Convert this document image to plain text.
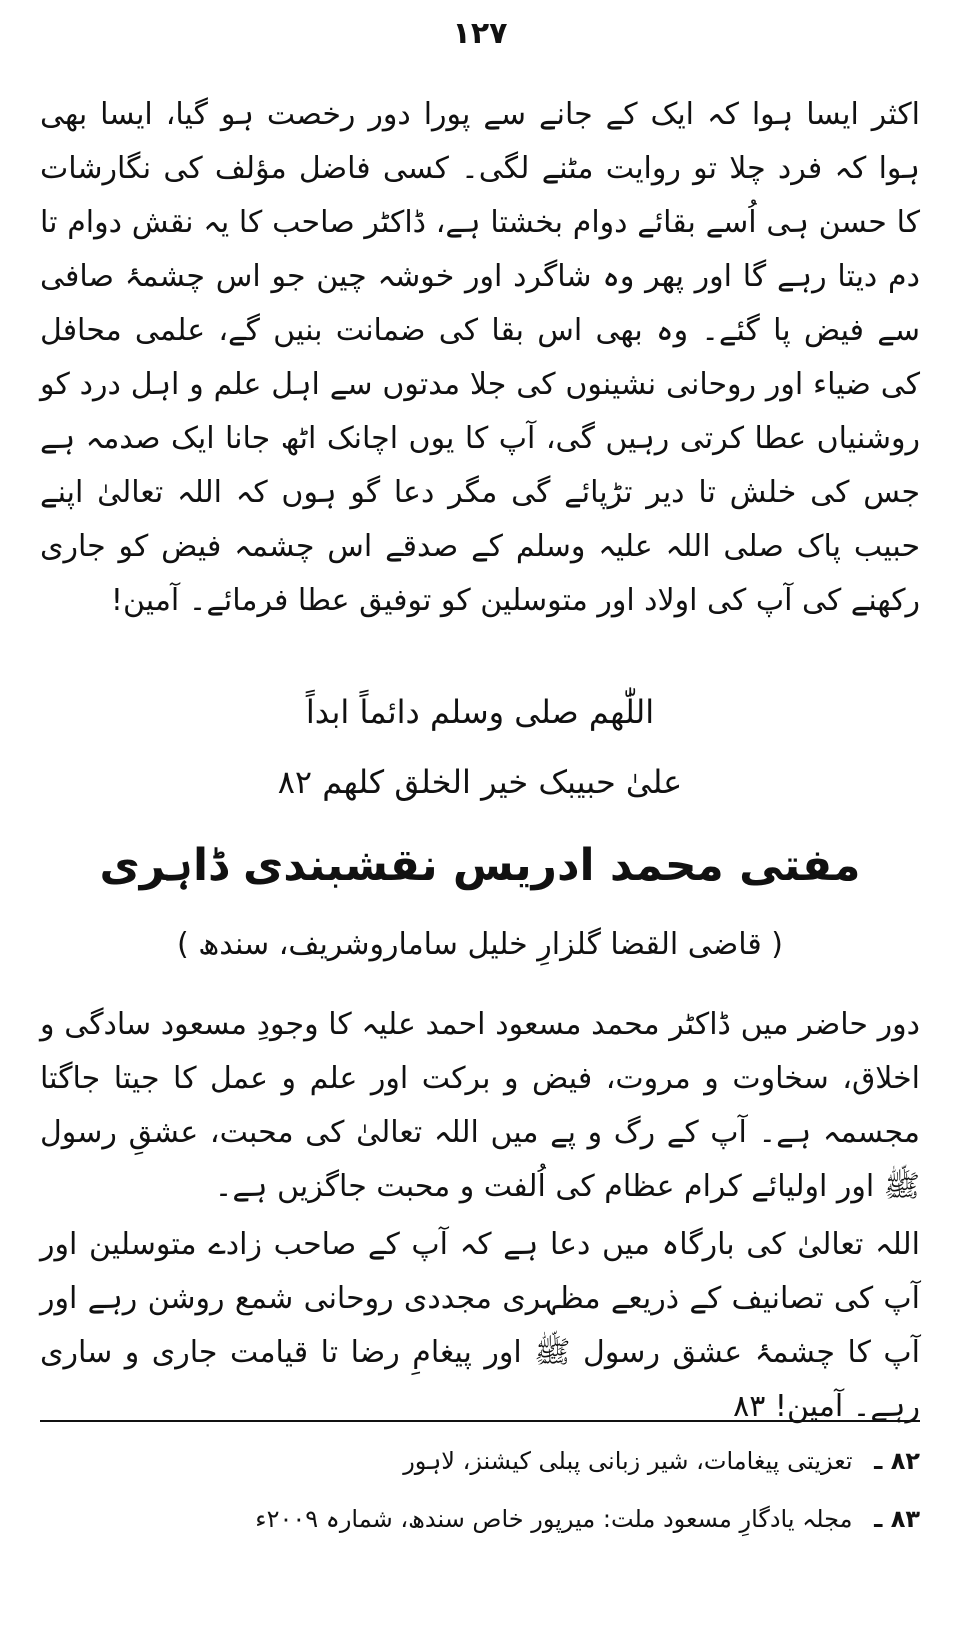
۱۲۷

اکثر ایسا ہوا کہ ایک کے جانے سے پورا دور رخصت ہو گیا، ایسا بھی ہوا کہ فرد چلا تو روایت مٹنے لگی۔ کسی فاضل مؤلف کی نگارشات کا حسن ہی اُسے بقائے دوام بخشتا ہے، ڈاکٹر صاحب کا یہ نقش دوام تا دم دیتا رہے گا اور پھر وہ شاگرد اور خوشہ چین جو اس چشمۂ صافی سے فیض پا گئے۔ وہ بھی اس بقا کی ضمانت بنیں گے، علمی محافل کی ضیاء اور روحانی نشینوں کی جلا مدتوں سے اہل علم و اہل درد کو روشنیاں عطا کرتی رہیں گی، آپ کا یوں اچانک اٹھ جانا ایک صدمہ ہے جس کی خلش تا دیر تڑپائے گی مگر دعا گو ہوں کہ اللہ تعالیٰ اپنے حبیب پاک صلی اللہ علیہ وسلم کے صدقے اس چشمہ فیض کو جاری رکھنے کی آپ کی اولاد اور متوسلین کو توفیق عطا فرمائے۔ آمین!

اللّٰھم صلی وسلم دائماً ابداً
علیٰ حبیبک خیر الخلق کلھم ۸۲
مفتی محمد ادریس نقشبندی ڈاہری
( قاضی القضا گلزارِ خلیل ساماروشریف، سندھ )

دور حاضر میں ڈاکٹر محمد مسعود احمد علیہ کا وجودِ مسعود سادگی و اخلاق، سخاوت و مروت، فیض و برکت اور علم و عمل کا جیتا جاگتا مجسمہ ہے۔ آپ کے رگ و پے میں اللہ تعالیٰ کی محبت، عشقِ رسول ﷺ اور اولیائے کرام عظام کی اُلفت و محبت جاگزیں ہے۔

اللہ تعالیٰ کی بارگاہ میں دعا ہے کہ آپ کے صاحب زادے متوسلین اور آپ کی تصانیف کے ذریعے مظہری مجددی روحانی شمع روشن رہے اور آپ کا چشمۂ عشق رسول ﷺ اور پیغامِ رضا تا قیامت جاری و ساری رہے۔ آمین! ۸۳

۸۲ ـ تعزیتی پیغامات، شیر زبانی پبلی کیشنز، لاہور
۸۳ ـ مجلہ یادگارِ مسعود ملت: میرپور خاص سندھ، شمارہ ۲۰۰۹ء
